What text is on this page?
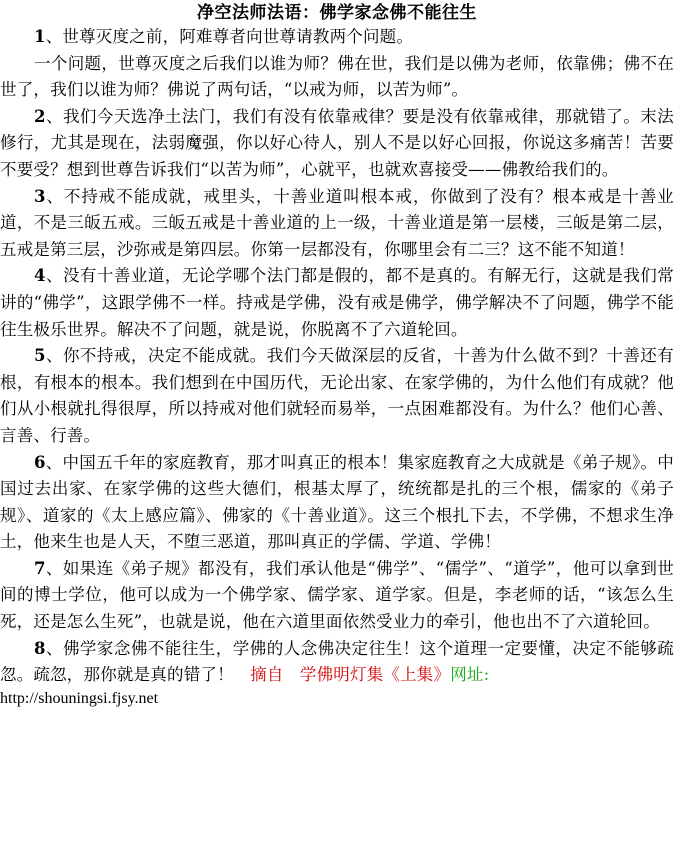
净空法师法语：佛学家念佛不能往生

1、世尊灭度之前，阿难尊者向世尊请教两个问题。

一个问题，世尊灭度之后我们以谁为师？佛在世，我们是以佛为老师，依靠佛；佛不在世了，我们以谁为师？佛说了两句话，“以戒为师，以苦为师”。

2、我们今天选净土法门，我们有没有依靠戒律？要是没有依靠戒律，那就错了。末法修行，尤其是现在，法弱魔强，你以好心待人，别人不是以好心回报，你说这多痛苦！苦要不要受？想到世尊告诉我们“以苦为师”，心就平，也就欢喜接受——佛教给我们的。

3、不持戒不能成就，戒里头，十善业道叫根本戒，你做到了没有？根本戒是十善业道，不是三皈五戒。三皈五戒是十善业道的上一级，十善业道是第一层楼，三皈是第二层，五戒是第三层，沙弥戒是第四层。你第一层都没有，你哪里会有二三？这不能不知道！

4、没有十善业道，无论学哪个法门都是假的，都不是真的。有解无行，这就是我们常讲的“佛学”，这跟学佛不一样。持戒是学佛，没有戒是佛学，佛学解决不了问题，佛学不能往生极乐世界。解决不了问题，就是说，你脱离不了六道轮回。

5、你不持戒，决定不能成就。我们今天做深层的反省，十善为什么做不到？十善还有根，有根本的根本。我们想到在中国历代，无论出家、在家学佛的，为什么他们有成就？他们从小根就扎得很厚，所以持戒对他们就轻而易举，一点困难都没有。为什么？他们心善、言善、行善。

6、中国五千年的家庭教育，那才叫真正的根本！集家庭教育之大成就是《弟子规》。中国过去出家、在家学佛的这些大德们，根基太厚了，统统都是扎的三个根，儒家的《弟子规》、道家的《太上感应篇》、佛家的《十善业道》。这三个根扎下去，不学佛，不想求生净土，他来生也是人天，不堕三恶道，那叫真正的学儒、学道、学佛！

7、如果连《弟子规》都没有，我们承认他是“佛学”、“儒学”、“道学”，他可以拿到世间的博士学位，他可以成为一个佛学家、儒学家、道学家。但是，李老师的话，“该怎么生死，还是怎么生死”，也就是说，他在六道里面依然受业力的牵引，他也出不了六道轮回。

8、佛学家念佛不能往生，学佛的人念佛决定往生！这个道理一定要懂，决定不能够疏忽。疏忽，那你就是真的错了！ 摘自 学佛明灯集《上集》网址:
http://shouningsi.fjsy.net
